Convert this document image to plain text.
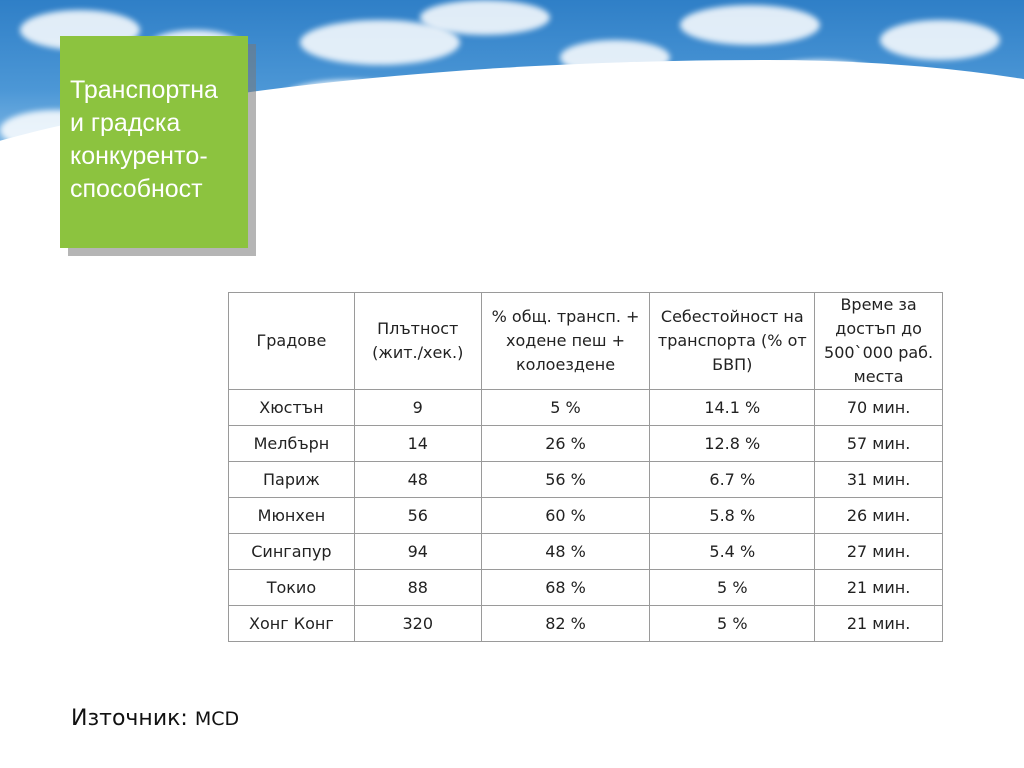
Транспортна
и градска
конкурентo-
способност
Градове	Плътност (жит./хек.)	% общ. трансп. + ходене пеш + колоездене	Себестойност на транспорта (% от БВП)	Време за достъп до 500`000 раб. места
Хюстън	9	5 %	14.1 %	70 мин.
Мелбърн	14	26 %	12.8 %	57 мин.
Париж	48	56 %	6.7 %	31 мин.
Мюнхен	56	60 %	5.8 %	26 мин.
Сингапур	94	48 %	5.4 %	27 мин.
Токио	88	68 %	5 %	21 мин.
Хонг Конг	320	82 %	5 %	21 мин.
Източник: MCD
